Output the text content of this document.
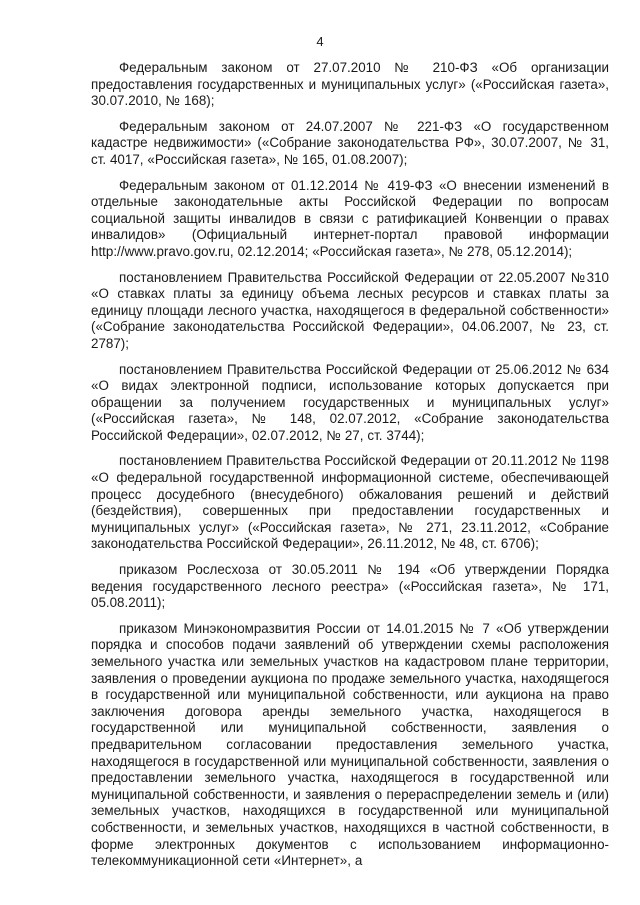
4

Федеральным законом от 27.07.2010 № 210-ФЗ «Об организации предоставления государственных и муниципальных услуг» («Российская газета», 30.07.2010, № 168);

Федеральным законом от 24.07.2007 № 221-ФЗ «О государственном кадастре недвижимости» («Собрание законодательства РФ», 30.07.2007, № 31, ст. 4017, «Российская газета», № 165, 01.08.2007);

Федеральным законом от 01.12.2014 № 419-ФЗ «О внесении изменений в отдельные законодательные акты Российской Федерации по вопросам социальной защиты инвалидов в связи с ратификацией Конвенции о правах инвалидов» (Официальный интернет-портал правовой информации http://www.pravo.gov.ru, 02.12.2014; «Российская газета», № 278, 05.12.2014);

постановлением Правительства Российской Федерации от 22.05.2007 №310 «О ставках платы за единицу объема лесных ресурсов и ставках платы за единицу площади лесного участка, находящегося в федеральной собственности» («Собрание законодательства Российской Федерации», 04.06.2007, № 23, ст. 2787);

постановлением Правительства Российской Федерации от 25.06.2012 № 634 «О видах электронной подписи, использование которых допускается при обращении за получением государственных и муниципальных услуг» («Российская газета», № 148, 02.07.2012, «Собрание законодательства Российской Федерации», 02.07.2012, № 27, ст. 3744);

постановлением Правительства Российской Федерации от 20.11.2012 № 1198 «О федеральной государственной информационной системе, обеспечивающей процесс досудебного (внесудебного) обжалования решений и действий (бездействия), совершенных при предоставлении государственных и муниципальных услуг» («Российская газета», № 271, 23.11.2012, «Собрание законодательства Российской Федерации», 26.11.2012, № 48, ст. 6706);

приказом Рослесхоза от 30.05.2011 № 194 «Об утверждении Порядка ведения государственного лесного реестра» («Российская газета», № 171, 05.08.2011);

приказом Минэкономразвития России от 14.01.2015 № 7 «Об утверждении порядка и способов подачи заявлений об утверждении схемы расположения земельного участка или земельных участков на кадастровом плане территории, заявления о проведении аукциона по продаже земельного участка, находящегося в государственной или муниципальной собственности, или аукциона на право заключения договора аренды земельного участка, находящегося в государственной или муниципальной собственности, заявления о предварительном согласовании предоставления земельного участка, находящегося в государственной или муниципальной собственности, заявления о предоставлении земельного участка, находящегося в государственной или муниципальной собственности, и заявления о перераспределении земель и (или) земельных участков, находящихся в государственной или муниципальной собственности, и земельных участков, находящихся в частной собственности, в форме электронных документов с использованием информационно-телекоммуникационной сети «Интернет», а
